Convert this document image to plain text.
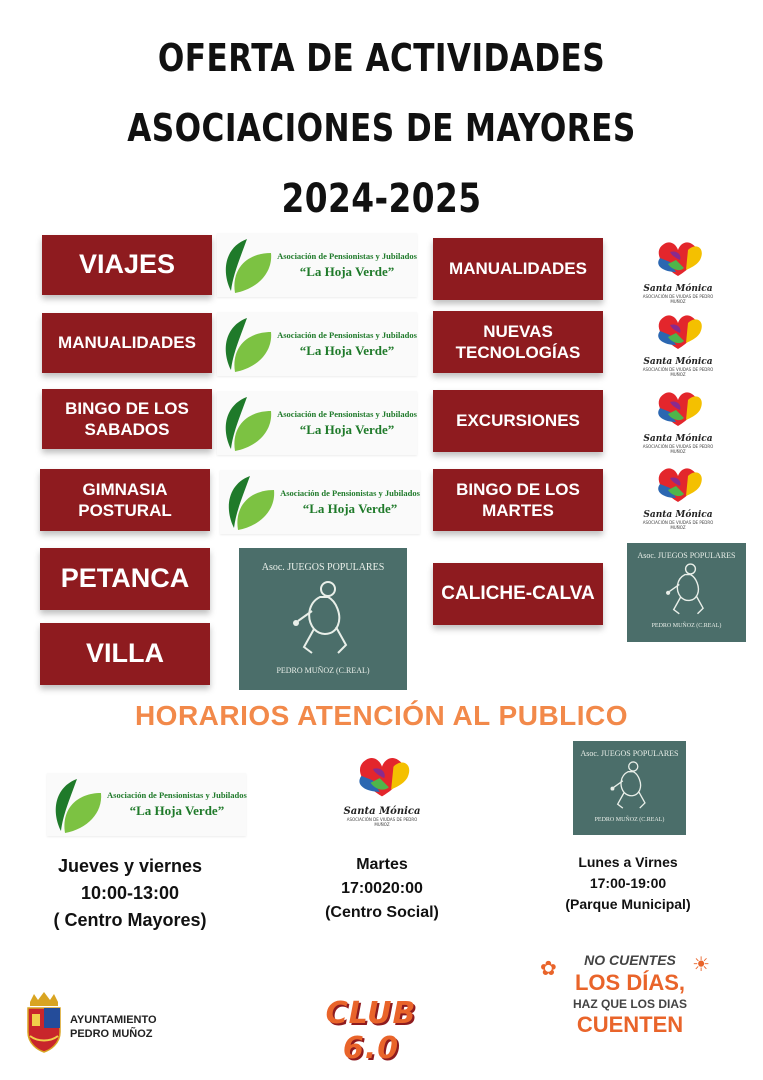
OFERTA DE ACTIVIDADES
ASOCIACIONES DE MAYORES
2024-2025
VIAJES
MANUALIDADES
BINGO DE LOS SABADOS
GIMNASIA POSTURAL
PETANCA
VILLA
MANUALIDADES
NUEVAS TECNOLOGÍAS
EXCURSIONES
BINGO DE LOS MARTES
CALICHE-CALVA
Asociación de Pensionistas y Jubilados
“La Hoja Verde”
Asociación de Pensionistas y Jubilados
“La Hoja Verde”
Asociación de Pensionistas y Jubilados
“La Hoja Verde”
Asociación de Pensionistas y Jubilados
“La Hoja Verde”
Santa Mónica
ASOCIACIÓN DE VIUDAS DE PEDRO MUÑOZ
Santa Mónica
ASOCIACIÓN DE VIUDAS DE PEDRO MUÑOZ
Santa Mónica
ASOCIACIÓN DE VIUDAS DE PEDRO MUÑOZ
Santa Mónica
ASOCIACIÓN DE VIUDAS DE PEDRO MUÑOZ
Asoc. JUEGOS POPULARES
PEDRO MUÑOZ (C.REAL)
Asoc. JUEGOS POPULARES
PEDRO MUÑOZ (C.REAL)
HORARIOS ATENCIÓN AL PUBLICO
Asociación de Pensionistas y Jubilados
“La Hoja Verde”	Santa Mónica
ASOCIACIÓN DE VIUDAS DE PEDRO MUÑOZ
Asoc. JUEGOS POPULARES
PEDRO MUÑOZ (C.REAL)
Jueves y viernes
10:00-13:00
( Centro Mayores)
Martes
17:0020:00
(Centro Social)
Lunes a Virnes
17:00-19:00
(Parque Municipal)
AYUNTAMIENTO
PEDRO MUÑOZ
CLUB 6.0
✿ NO CUENTES ☀
LOS DÍAS,
HAZ QUE LOS DIAS
CUENTEN
